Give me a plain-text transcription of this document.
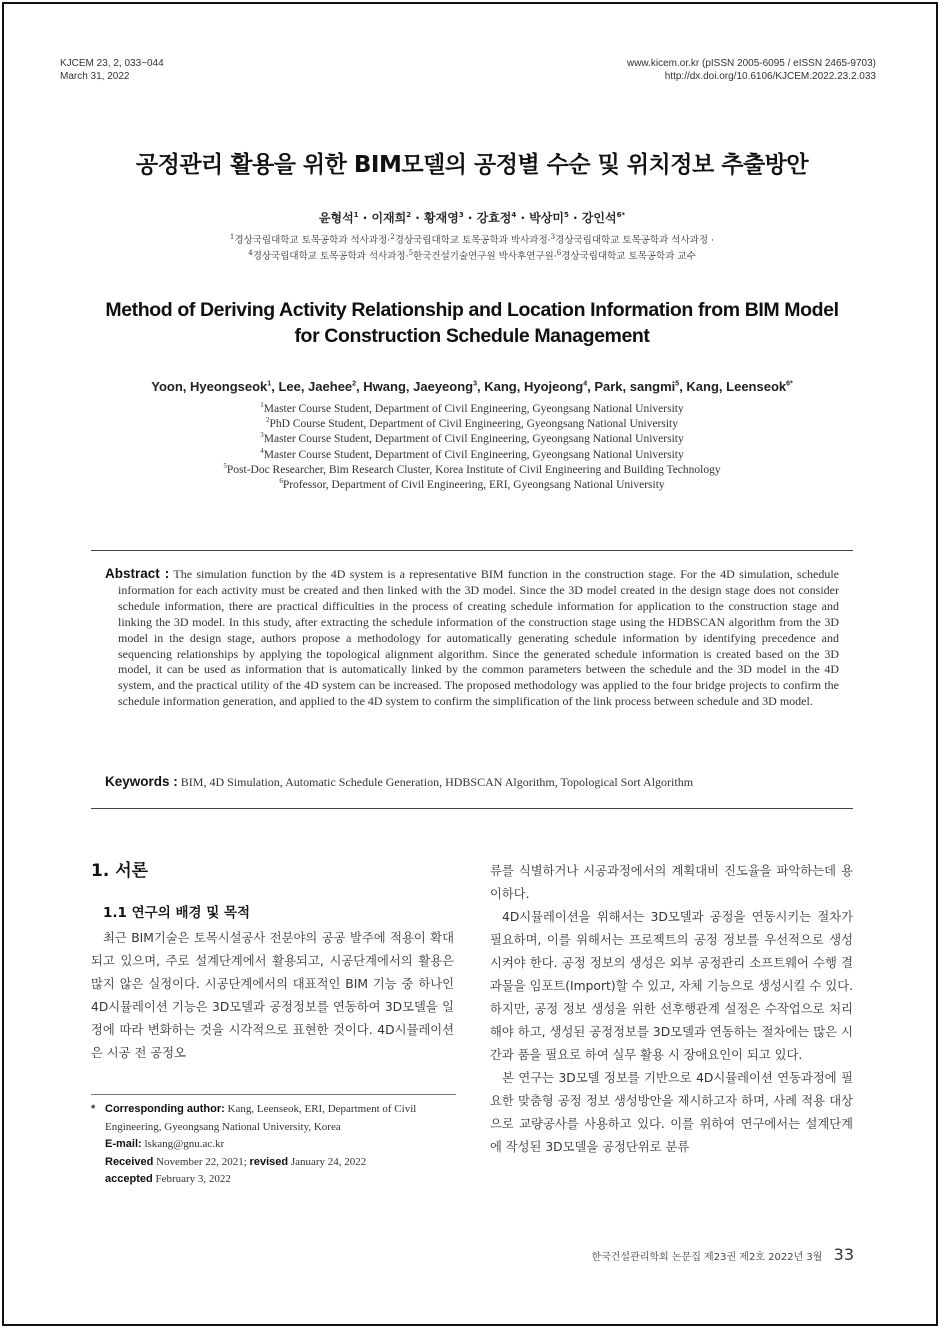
KJCEM 23, 2, 033~044
March 31, 2022
www.kicem.or.kr (pISSN 2005-6095 / eISSN 2465-9703)
http://dx.doi.org/10.6106/KJCEM.2022.23.2.033
공정관리 활용을 위한 BIM모델의 공정별 수순 및 위치정보 추출방안
윤형석$^1$ · 이재희$^2$ · 황재영$^3$ · 강효정$^4$ · 박상미$^5$ · 강인석$^{6*}$
$^1$경상국립대학교 토목공학과 석사과정·$^2$경상국립대학교 토목공학과 박사과정·$^3$경상국립대학교 토목공학과 석사과정 ·
$^4$경상국립대학교 토목공학과 석사과정·$^5$한국건설기술연구원 박사후연구원·$^6$경상국립대학교 토목공학과 교수
Method of Deriving Activity Relationship and Location Information from BIM Model
for Construction Schedule Management
Yoon, Hyeongseok$^1$, Lee, Jaehee$^2$, Hwang, Jaeyeong$^3$, Kang, Hyojeong$^4$, Park, sangmi$^5$, Kang, Leenseok$^{6*}$
$^1$Master Course Student, Department of Civil Engineering, Gyeongsang National University
$^2$PhD Course Student, Department of Civil Engineering, Gyeongsang National University
$^3$Master Course Student, Department of Civil Engineering, Gyeongsang National University
$^4$Master Course Student, Department of Civil Engineering, Gyeongsang National University
$^5$Post-Doc Researcher, Bim Research Cluster, Korea Institute of Civil Engineering and Building Technology
$^6$Professor, Department of Civil Engineering, ERI, Gyeongsang National University
Abstract : The simulation function by the 4D system is a representative BIM function in the construction stage. For the 4D simulation, schedule information for each activity must be created and then linked with the 3D model. Since the 3D model created in the design stage does not consider schedule information, there are practical difficulties in the process of creating schedule information for application to the construction stage and linking the 3D model. In this study, after extracting the schedule information of the construction stage using the HDBSCAN algorithm from the 3D model in the design stage, authors propose a methodology for automatically generating schedule information by identifying precedence and sequencing relationships by applying the topological alignment algorithm. Since the generated schedule information is created based on the 3D model, it can be used as information that is automatically linked by the common parameters between the schedule and the 3D model in the 4D system, and the practical utility of the 4D system can be increased. The proposed methodology was applied to the four bridge projects to confirm the schedule information generation, and applied to the 4D system to confirm the simplification of the link process between schedule and 3D model.
Keywords : BIM, 4D Simulation, Automatic Schedule Generation, HDBSCAN Algorithm, Topological Sort Algorithm
1. 서론
1.1 연구의 배경 및 목적

최근 BIM기술은 토목시설공사 전분야의 공공 발주에 적용이 확대되고 있으며, 주로 설계단계에서 활용되고, 시공단계에서의 활용은 많지 않은 실정이다. 시공단계에서의 대표적인 BIM 기능 중 하나인 4D시뮬레이션 기능은 3D모델과 공정정보를 연동하여 3D모델을 일정에 따라 변화하는 것을 시각적으로 표현한 것이다. 4D시뮬레이션은 시공 전 공정오

류를 식별하거나 시공과정에서의 계획대비 진도율을 파악하는데 용이하다.

4D시뮬레이션을 위해서는 3D모델과 공정을 연동시키는 절차가 필요하며, 이를 위해서는 프로젝트의 공정 정보를 우선적으로 생성시켜야 한다. 공정 정보의 생성은 외부 공정관리 소프트웨어 수행 결과물을 임포트(Import)할 수 있고, 자체 기능으로 생성시킬 수 있다. 하지만, 공정 정보 생성을 위한 선후행관계 설정은 수작업으로 처리해야 하고, 생성된 공정정보를 3D모델과 연동하는 절차에는 많은 시간과 품을 필요로 하여 실무 활용 시 장애요인이 되고 있다.

본 연구는 3D모델 정보를 기반으로 4D시뮬레이션 연동과정에 필요한 맞춤형 공정 정보 생성방안을 제시하고자 하며, 사례 적용 대상으로 교량공사를 사용하고 있다. 이를 위하여 연구에서는 설계단계에 작성된 3D모델을 공정단위로 분류

* Corresponding author: Kang, Leenseok, ERI, Department of Civil Engineering, Gyeongsang National University, Korea

E-mail: lskang@gnu.ac.kr

Received November 22, 2021; revised January 24, 2022

accepted February 3, 2022

한국건설관리학회 논문집 제23권 제2호 2022년 3월 33
